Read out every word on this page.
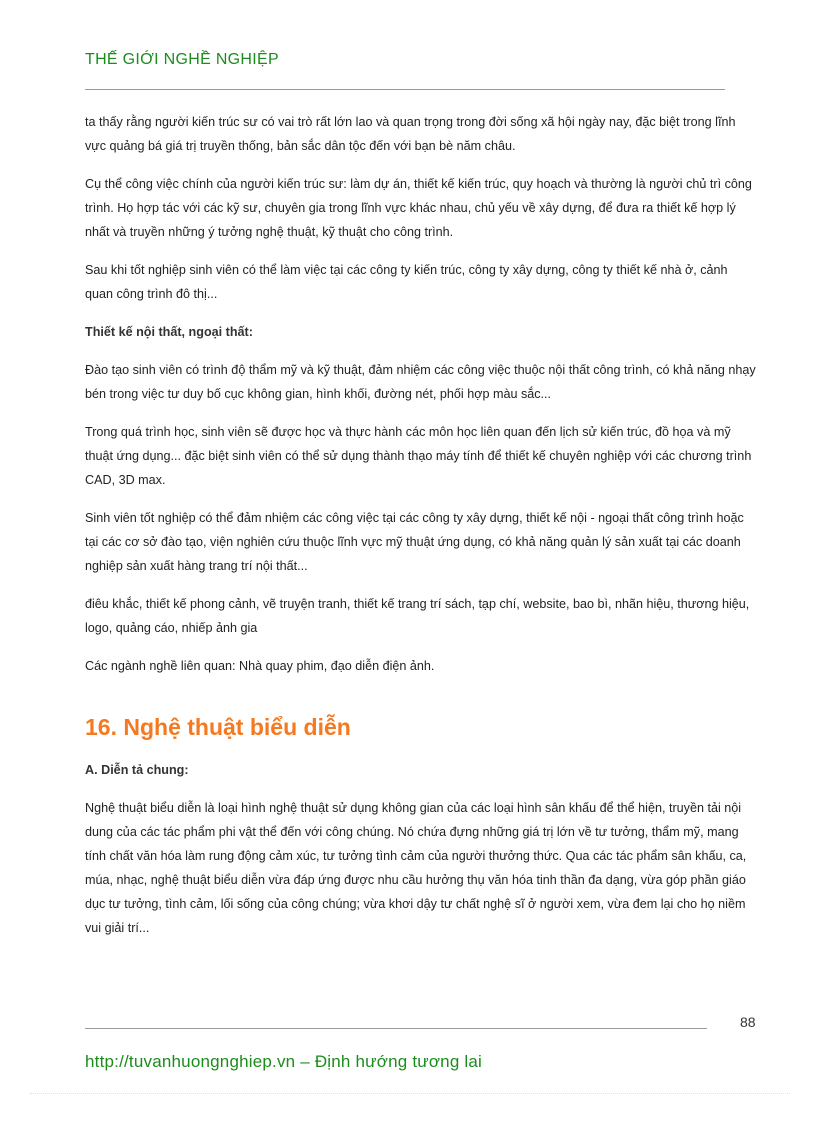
THẾ GIỚI NGHỀ NGHIỆP

ta thấy rằng người kiến trúc sư có vai trò rất lớn lao và quan trọng trong đời sống xã hội ngày nay, đặc biệt trong lĩnh vực quảng bá giá trị truyền thống, bản sắc dân tộc đến với bạn bè năm châu.

Cụ thể công việc chính của người kiến trúc sư: làm dự án, thiết kế kiến trúc, quy hoạch và thường là người chủ trì công trình. Họ hợp tác với các kỹ sư, chuyên gia trong lĩnh vực khác nhau, chủ yếu về xây dựng, để đưa ra thiết kế hợp lý nhất và truyền những ý tưởng nghệ thuật, kỹ thuật cho công trình.

Sau khi tốt nghiệp sinh viên có thể làm việc tại các công ty kiến trúc, công ty xây dựng, công ty thiết kế nhà ở, cảnh quan công trình đô thị...

Thiết kế nội thất, ngoại thất:

Đào tạo sinh viên có trình độ thẩm mỹ và kỹ thuật, đảm nhiệm các công việc thuộc nội thất công trình, có khả năng nhạy bén trong việc tư duy bố cục không gian, hình khối, đường nét, phối hợp màu sắc...

Trong quá trình học, sinh viên sẽ được học và thực hành các môn học liên quan đến lịch sử kiến trúc, đồ họa và mỹ thuật ứng dụng... đặc biệt sinh viên có thể sử dụng thành thạo máy tính để thiết kế chuyên nghiệp với các chương trình CAD, 3D max.

Sinh viên tốt nghiệp có thể đảm nhiệm các công việc tại các công ty xây dựng, thiết kế nội - ngoại thất công trình hoặc tại các cơ sở đào tạo, viện nghiên cứu thuộc lĩnh vực mỹ thuật ứng dụng, có khả năng quản lý sản xuất tại các doanh nghiệp sản xuất hàng trang trí nội thất...

điêu khắc, thiết kế phong cảnh, vẽ truyện tranh, thiết kế trang trí sách, tạp chí, website, bao bì, nhãn hiệu, thương hiệu, logo, quảng cáo, nhiếp ảnh gia

Các ngành nghề liên quan: Nhà quay phim, đạo diễn điện ảnh.

16. Nghệ thuật biểu diễn

A. Diễn tả chung:

Nghệ thuật biểu diễn là loại hình nghệ thuật sử dụng không gian của các loại hình sân khấu để thể hiện, truyền tải nội dung của các tác phẩm phi vật thể đến với công chúng. Nó chứa đựng những giá trị lớn về tư tưởng, thẩm mỹ, mang tính chất văn hóa làm rung động cảm xúc, tư tưởng tình cảm của người thưởng thức. Qua các tác phẩm sân khấu, ca, múa, nhạc, nghệ thuật biểu diễn vừa đáp ứng được nhu cầu hưởng thụ văn hóa tinh thần đa dạng, vừa góp phần giáo dục tư tưởng, tình cảm, lối sống của công chúng; vừa khơi dậy tư chất nghệ sĩ ở người xem, vừa đem lại cho họ niềm vui giải trí...

88
http://tuvanhuongnghiep.vn – Định hướng tương lai
